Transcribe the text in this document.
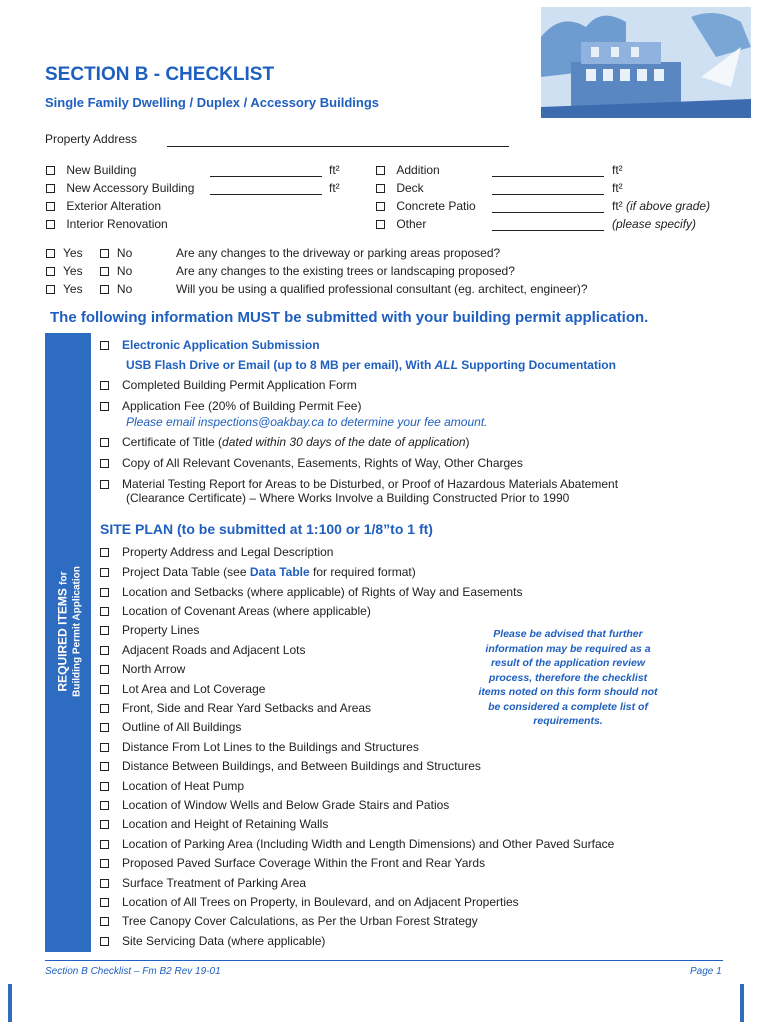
SECTION B - CHECKLIST
Single Family Dwelling / Duplex / Accessory Buildings
Property Address
New Building	ft²
New Accessory Building	ft²
Exterior Alteration
Interior Renovation
Addition	ft²
Deck	ft²
Concrete Patio	ft² (if above grade)
Other	(please specify)
Yes	No	Are any changes to the driveway or parking areas proposed?
Yes	No	Are any changes to the existing trees or landscaping proposed?
Yes	No	Will you be using a qualified professional consultant (eg. architect, engineer)?
The following information MUST be submitted with your building permit application.
REQUIRED ITEMS for Building Permit Application
Electronic Application Submission
USB Flash Drive or Email (up to 8 MB per email), With ALL Supporting Documentation
Completed Building Permit Application Form
Application Fee (20% of Building Permit Fee)
Please email inspections@oakbay.ca to determine your fee amount.
Certificate of Title (dated within 30 days of the date of application)
Copy of All Relevant Covenants, Easements, Rights of Way, Other Charges
Material Testing Report for Areas to be Disturbed, or Proof of Hazardous Materials Abatement
(Clearance Certificate) – Where Works Involve a Building Constructed Prior to 1990
SITE PLAN (to be submitted at 1:100 or 1/8”to 1 ft)
Property Address and Legal Description
Project Data Table (see Data Table for required format)
Location and Setbacks (where applicable) of Rights of Way and Easements
Location of Covenant Areas (where applicable)
Property Lines
Adjacent Roads and Adjacent Lots
North Arrow
Lot Area and Lot Coverage
Front, Side and Rear Yard Setbacks and Areas
Outline of All Buildings
Distance From Lot Lines to the Buildings and Structures
Distance Between Buildings, and Between Buildings and Structures
Location of Heat Pump
Location of Window Wells and Below Grade Stairs and Patios
Location and Height of Retaining Walls
Location of Parking Area (Including Width and Length Dimensions) and Other Paved Surface
Proposed Paved Surface Coverage Within the Front and Rear Yards
Surface Treatment of Parking Area
Location of All Trees on Property, in Boulevard, and on Adjacent Properties
Tree Canopy Cover Calculations, as Per the Urban Forest Strategy
Site Servicing Data (where applicable)
Please be advised that further information may be required as a result of the application review process, therefore the checklist items noted on this form should not be considered a complete list of requirements.
Section B Checklist – Fm B2 Rev 19-01	Page 1
